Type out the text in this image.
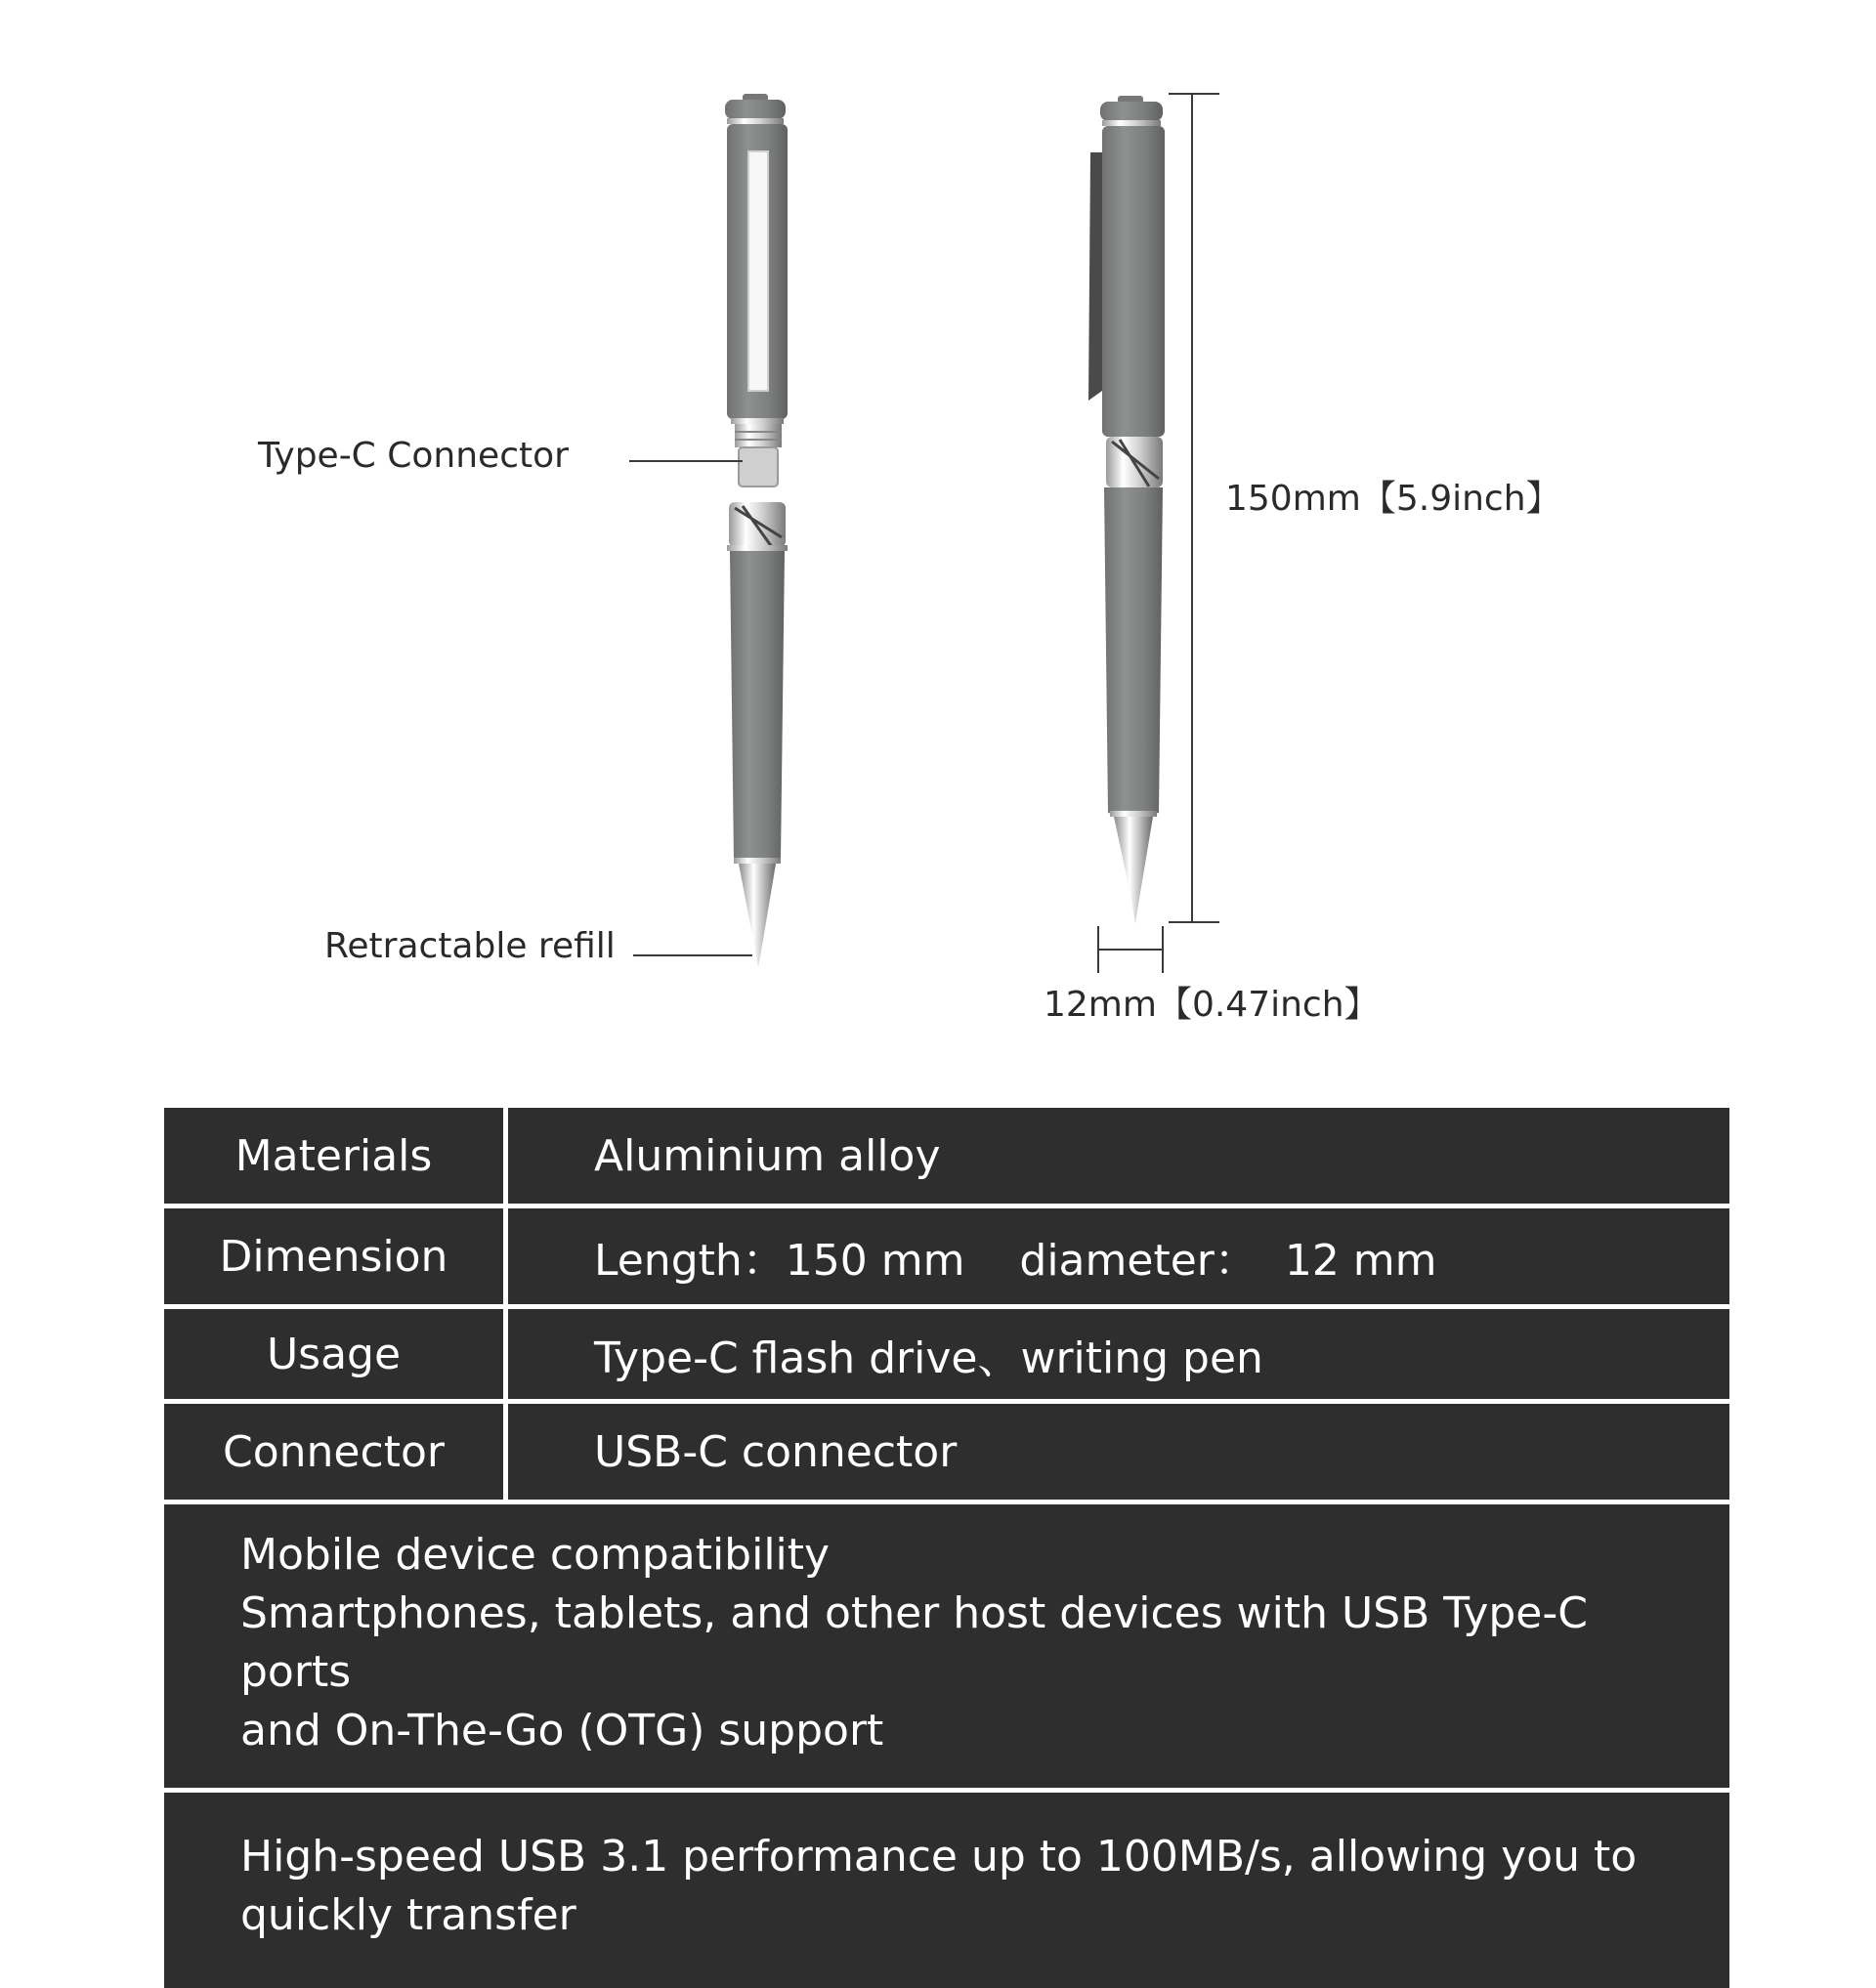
Type-C Connector
Retractable refill
150mm【5.9inch】
12mm【0.47inch】
Materials	Aluminium alloy
Dimension	Length：150 mm    diameter：  12 mm
Usage	Type-C flash drive、writing pen
Connector	USB-C connector
Mobile device compatibility
Smartphones, tablets, and other host devices with USB Type-C ports
and On-The-Go (OTG) support
High-speed USB 3.1 performance up to 100MB/s, allowing you to
quickly transfer
